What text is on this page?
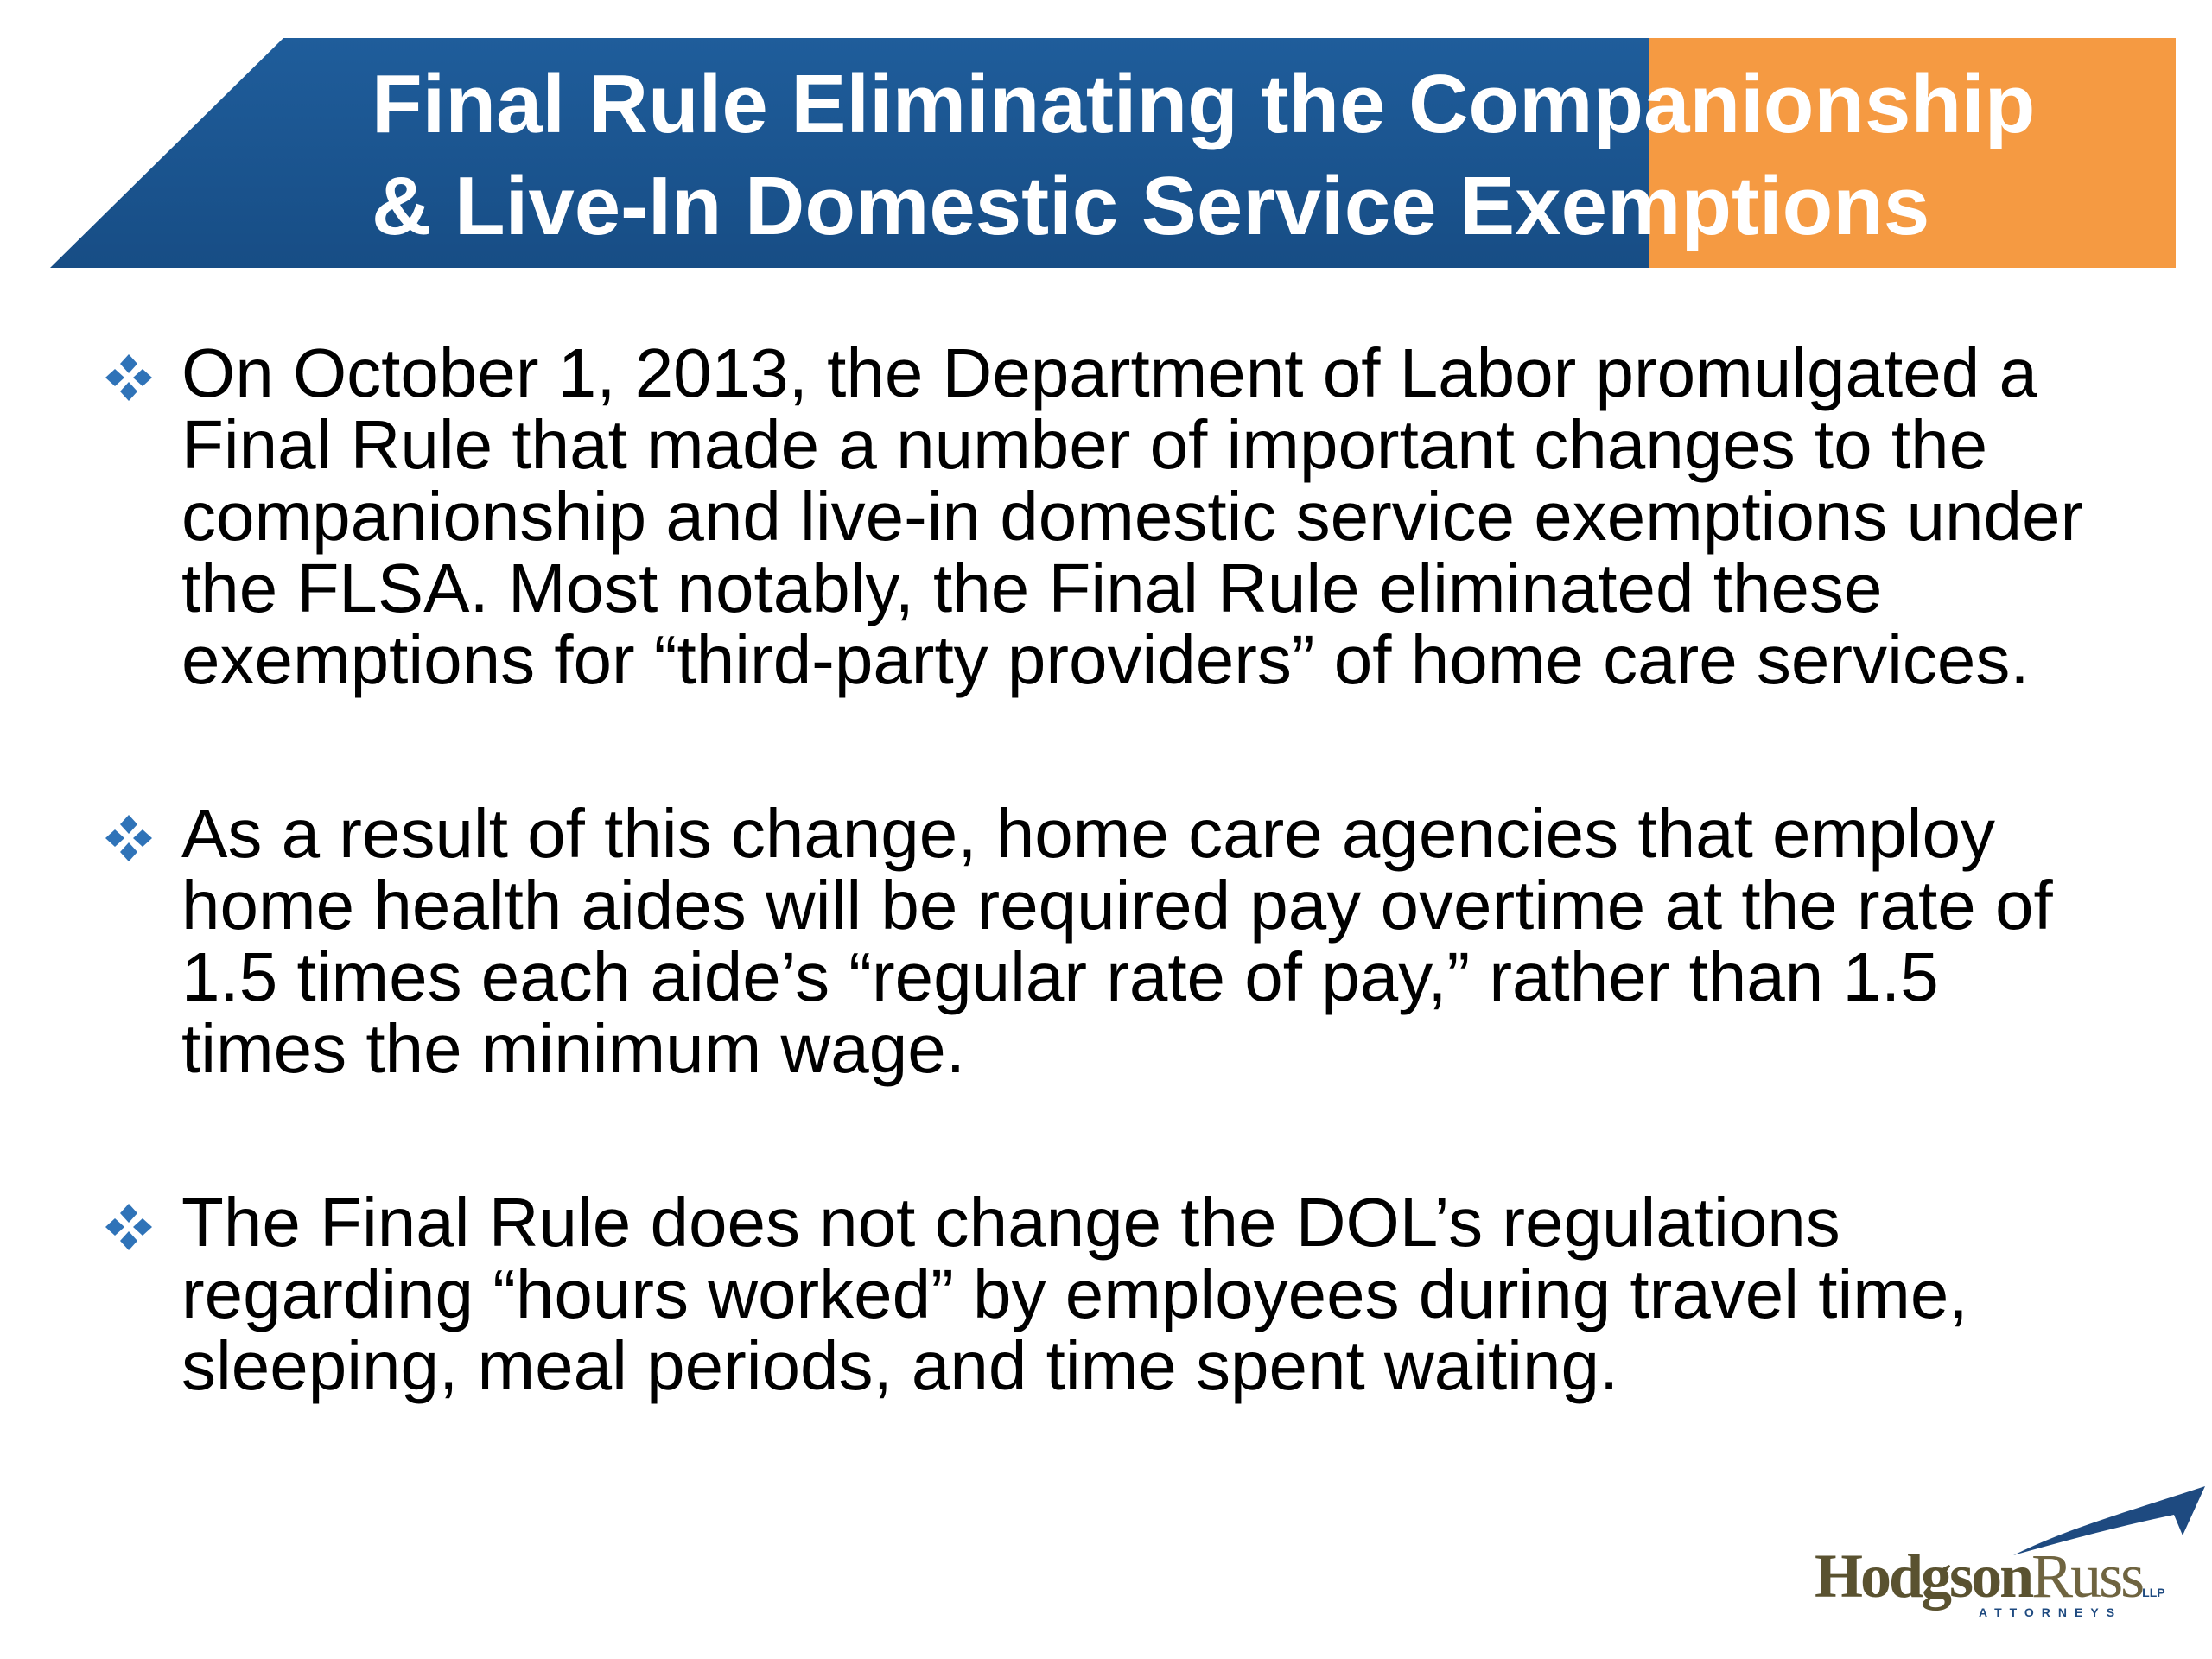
Final Rule Eliminating the Companionship
& Live-In Domestic Service Exemptions
On October 1, 2013, the Department of Labor promulgated a Final Rule that made a number of important changes to the companionship and live-in domestic service exemptions under the FLSA. Most notably, the Final Rule eliminated these exemptions for “third-party providers” of home care services.
As a result of this change, home care agencies that employ home health aides will be required pay overtime at the rate of 1.5 times each aide’s “regular rate of pay,” rather than 1.5 times the minimum wage.
The Final Rule does not change the DOL’s regulations regarding “hours worked” by employees during travel time, sleeping, meal periods, and time spent waiting.
HodgsonRussLLP
ATTORNEYS
